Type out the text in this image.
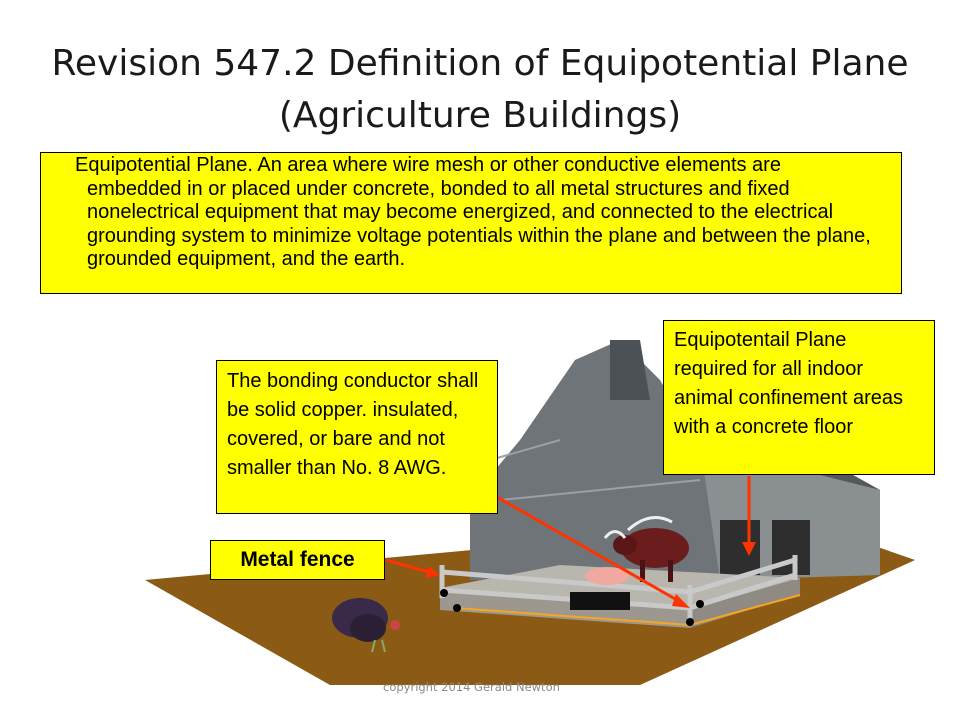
Revision 547.2 Definition of Equipotential Plane
(Agriculture Buildings)
Equipotential Plane. An area where wire mesh or other conductive elements are embedded in or placed under concrete, bonded to all metal structures and fixed nonelectrical equipment that may become energized, and connected to the electrical grounding system to minimize voltage potentials within the plane and between the plane, grounded equipment, and the earth.
The bonding conductor shall be solid copper. insulated, covered, or bare and not smaller than No. 8 AWG.
Equipotentail Plane required for all indoor animal confinement areas with a concrete floor
Metal fence
copyright 2014 Gerald Newton
